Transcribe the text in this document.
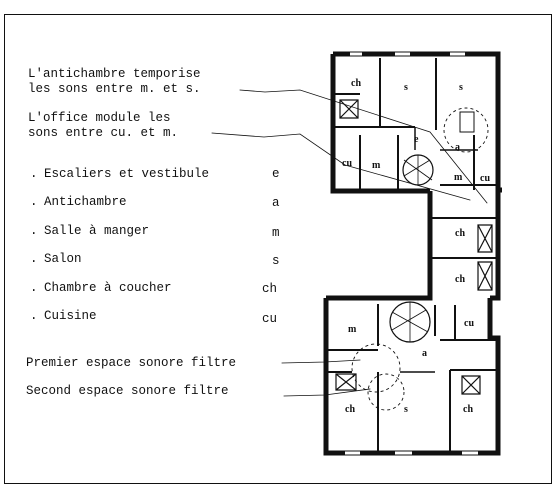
L'antichambre temporise
les sons entre m. et s.
L'office module les
sons entre cu. et m.
. Escaliers et vestibule	e
. Antichambre	a
. Salle à manger	m
. Salon	s
. Chambre à coucher	ch
. Cuisine	cu
Premier espace sonore filtre
Second espace sonore filtre
ch	s	s
e
a
cu m
m cu
ch
ch
m
cu
a
ch	s	ch
